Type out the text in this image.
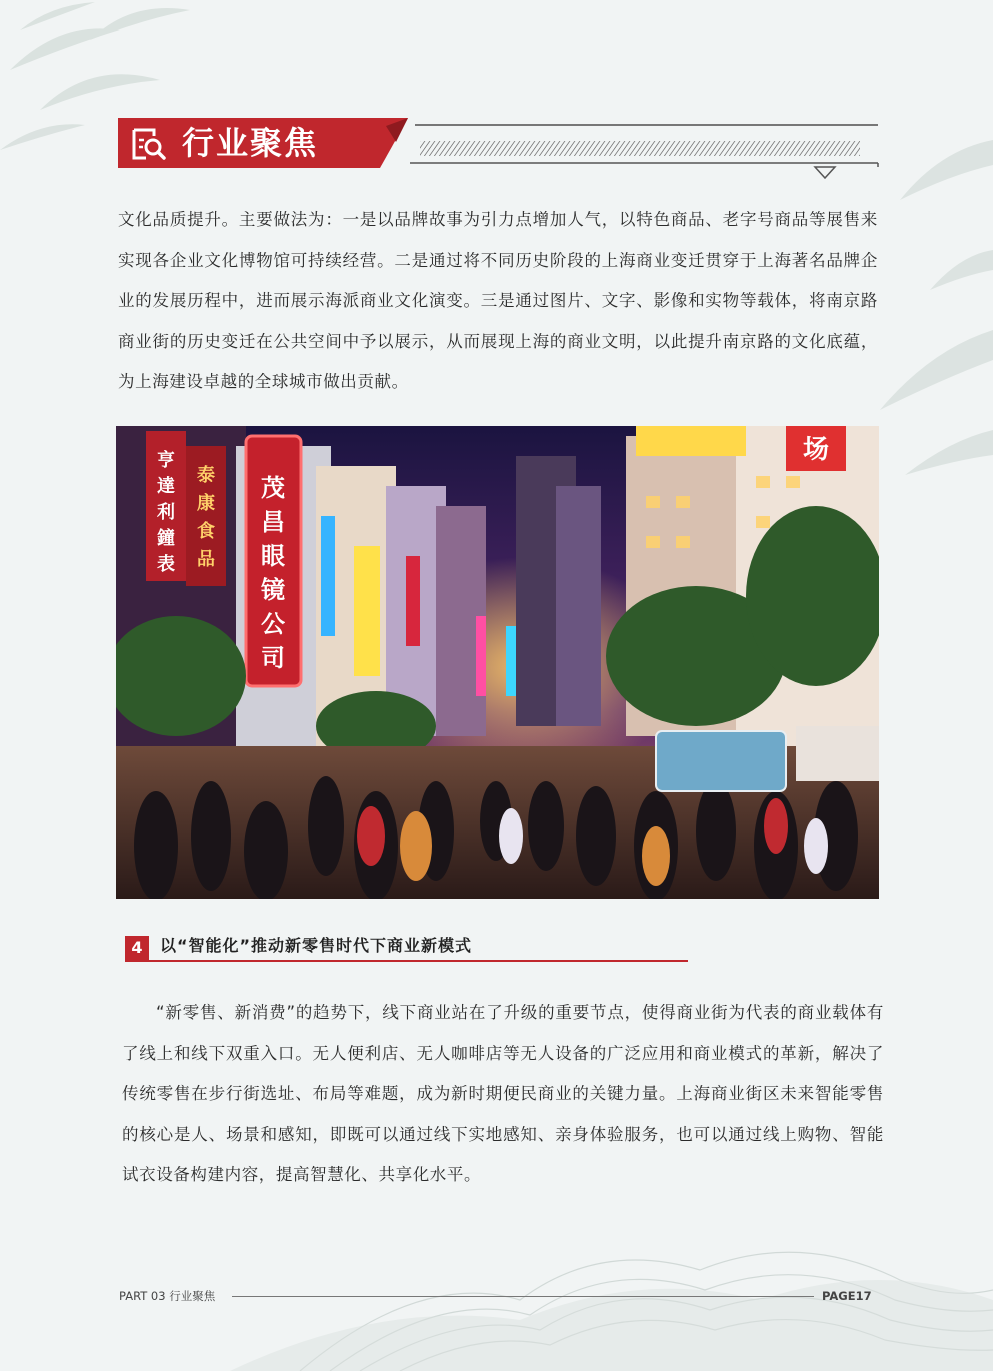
行业聚焦

文化品质提升。主要做法为：一是以品牌故事为引力点增加人气，以特色商品、老字号商品等展售来实现各企业文化博物馆可持续经营。二是通过将不同历史阶段的上海商业变迁贯穿于上海著名品牌企业的发展历程中，进而展示海派商业文化演变。三是通过图片、文字、影像和实物等载体，将南京路商业街的历史变迁在公共空间中予以展示，从而展现上海的商业文明，以此提升南京路的文化底蕴，为上海建设卓越的全球城市做出贡献。

亨達利鐘表
泰康食品
茂昌眼镜公司
场
4	以“智能化”推动新零售时代下商业新模式

“新零售、新消费”的趋势下，线下商业站在了升级的重要节点，使得商业街为代表的商业载体有了线上和线下双重入口。无人便利店、无人咖啡店等无人设备的广泛应用和商业模式的革新，解决了传统零售在步行街选址、布局等难题，成为新时期便民商业的关键力量。上海商业街区未来智能零售的核心是人、场景和感知，即既可以通过线下实地感知、亲身体验服务，也可以通过线上购物、智能试衣设备构建内容，提高智慧化、共享化水平。

PART 03 行业聚焦	PAGE17
